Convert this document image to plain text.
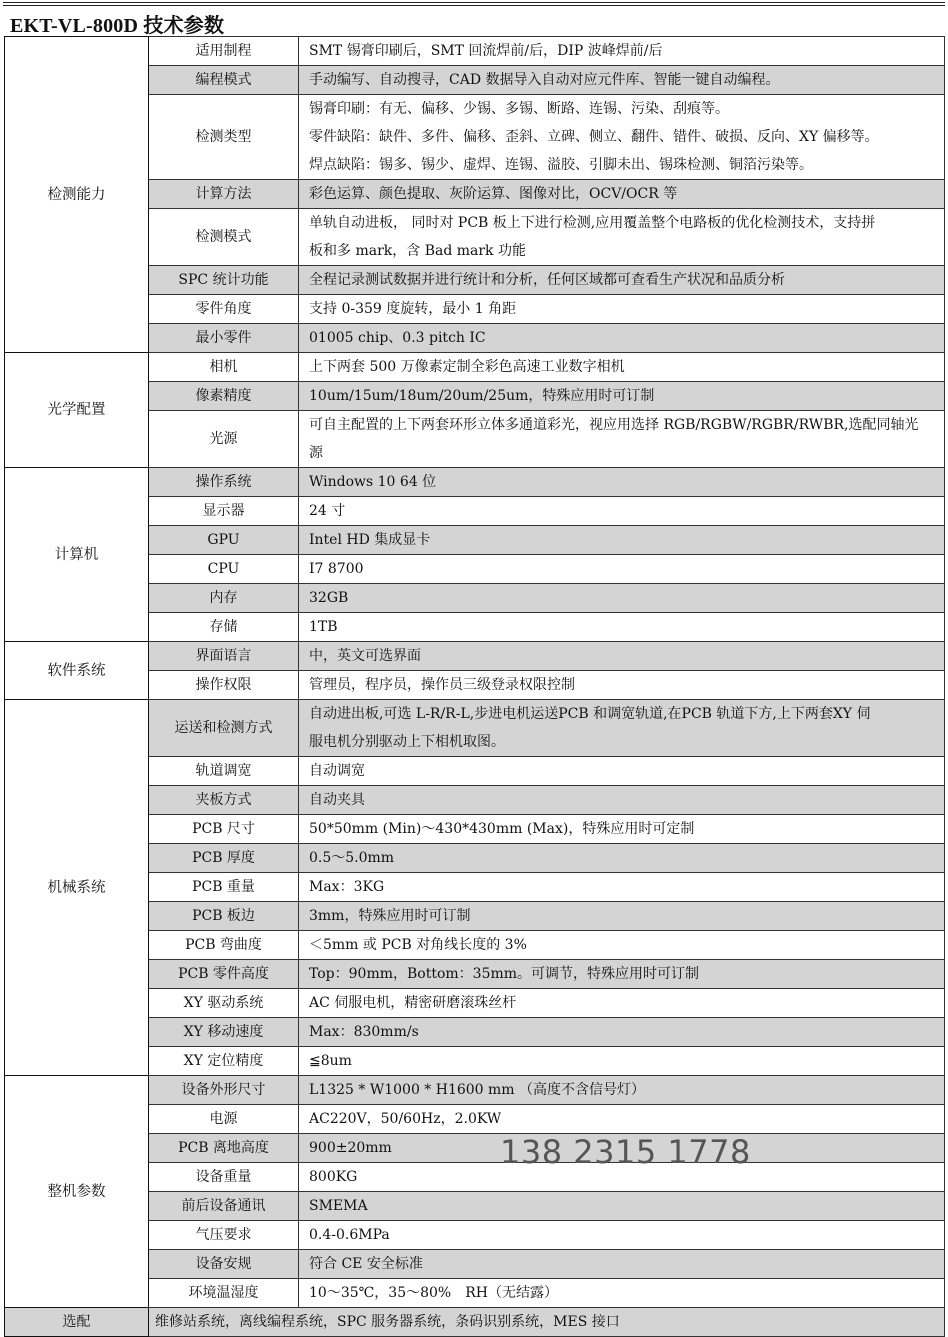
EKT-VL-800D 技术参数
检测能力	适用制程	SMT 锡膏印刷后，SMT 回流焊前/后，DIP 波峰焊前/后

	编程模式	手动编写、自动搜寻，CAD 数据导入自动对应元件库、智能一键自动编程。

	检测类型	锡膏印刷：有无、偏移、少锡、多锡、断路、连锡、污染、刮痕等。
零件缺陷：缺件、多件、偏移、歪斜、立碑、侧立、翻件、错件、破损、反向、XY 偏移等。
焊点缺陷：锡多、锡少、虚焊、连锡、溢胶、引脚未出、锡珠检测、铜箔污染等。

	计算方法	彩色运算、颜色提取、灰阶运算、图像对比，OCV/OCR 等

	检测模式	单轨自动进板， 同时对 PCB 板上下进行检测,应用覆盖整个电路板的优化检测技术，支持拼
板和多 mark，含 Bad mark 功能

	SPC 统计功能	全程记录测试数据并进行统计和分析，任何区域都可查看生产状况和品质分析

	零件角度	支持 0-359 度旋转，最小 1 角距

	最小零件	01005 chip、0.3 pitch IC

光学配置	相机	上下两套 500 万像素定制全彩色高速工业数字相机

	像素精度	10um/15um/18um/20um/25um，特殊应用时可订制

	光源	可自主配置的上下两套环形立体多通道彩光，视应用选择 RGB/RGBW/RGBR/RWBR,选配同轴光
源

计算机	操作系统	Windows 10 64 位

	显示器	24 寸

	GPU	Intel HD 集成显卡

	CPU	I7 8700

	内存	32GB

	存储	1TB

软件系统	界面语言	中，英文可选界面

	操作权限	管理员，程序员，操作员三级登录权限控制

机械系统	运送和检测方式	自动进出板,可选 L-R/R-L,步进电机运送PCB 和调宽轨道,在PCB 轨道下方,上下两套XY 伺
服电机分别驱动上下相机取图。

	轨道调宽	自动调宽

	夹板方式	自动夹具

	PCB 尺寸	50*50mm (Min)～430*430mm (Max)，特殊应用时可定制

	PCB 厚度	0.5～5.0mm

	PCB 重量	Max：3KG

	PCB 板边	3mm，特殊应用时可订制

	PCB 弯曲度	＜5mm 或 PCB 对角线长度的 3%

	PCB 零件高度	Top：90mm，Bottom：35mm。可调节，特殊应用时可订制

	XY 驱动系统	AC 伺服电机，精密研磨滚珠丝杆

	XY 移动速度	Max：830mm/s

	XY 定位精度	≦8um

整机参数	设备外形尺寸	L1325 * W1000 * H1600 mm （高度不含信号灯）

	电源	AC220V，50/60Hz，2.0KW

	PCB 离地高度	900±20mm

	设备重量	800KG

	前后设备通讯	SMEMA

	气压要求	0.4-0.6MPa

	设备安规	符合 CE 安全标准

	环境温湿度	10～35℃，35～80%　RH（无结露）

选配	维修站系统，离线编程系统，SPC 服务器系统，条码识别系统，MES 接口	
138 2315 1778
